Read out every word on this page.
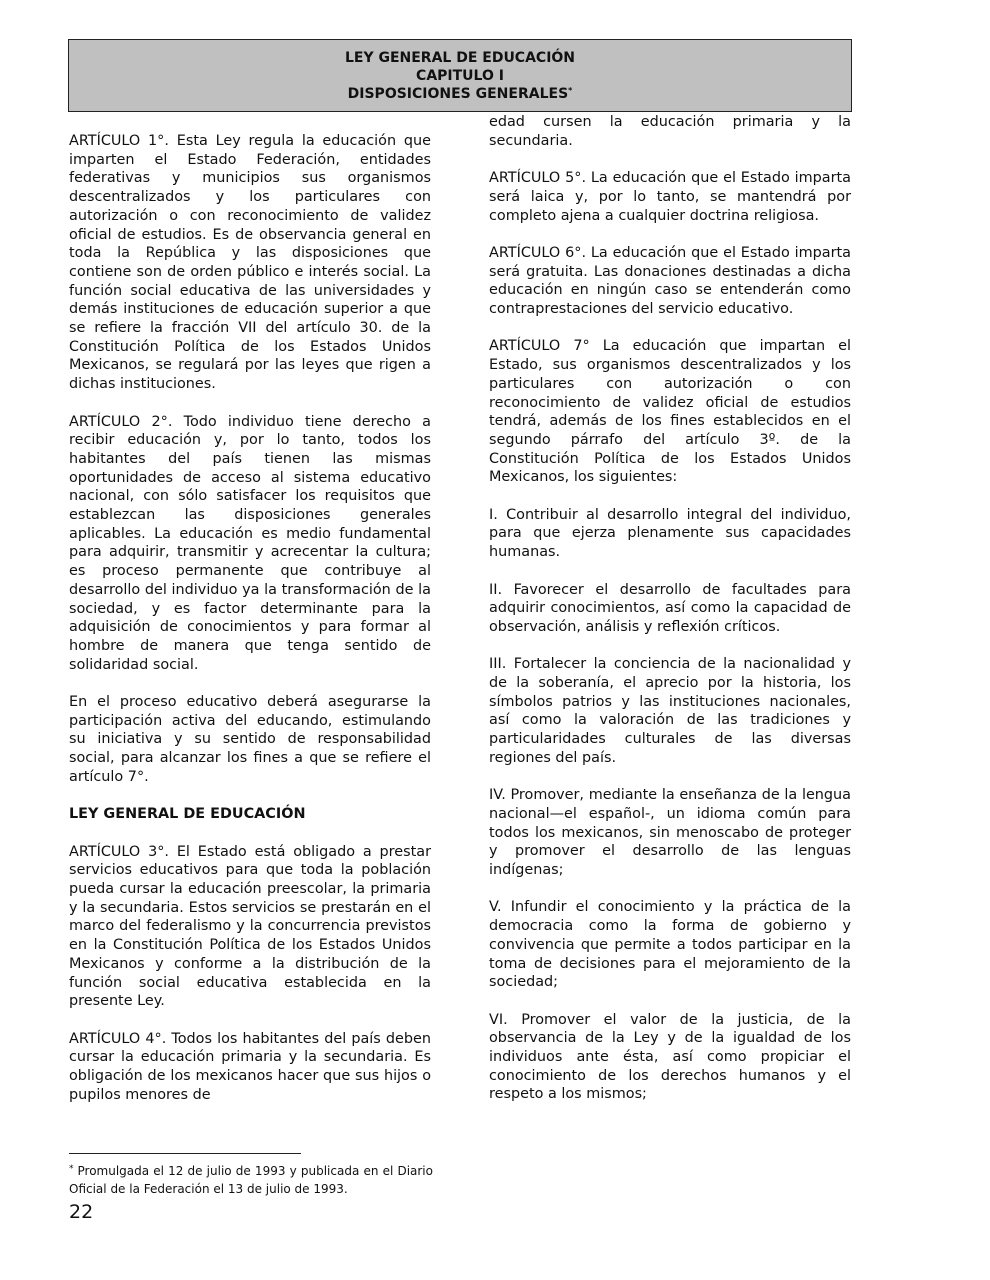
LEY GENERAL DE EDUCACIÓN
CAPITULO I
DISPOSICIONES GENERALES*

ARTÍCULO 1°. Esta Ley regula la educación que imparten el Estado Federación, entidades federativas y municipios sus organismos descentralizados y los particulares con autorización o con reconocimiento de validez oficial de estudios. Es de observancia general en toda la República y las disposiciones que contiene son de orden público e interés social. La función social educativa de las universidades y demás instituciones de educación superior a que se refiere la fracción VII del artículo 30. de la Constitución Política de los Estados Unidos Mexicanos, se regulará por las leyes que rigen a dichas instituciones.

ARTÍCULO 2°. Todo individuo tiene derecho a recibir educación y, por lo tanto, todos los habitantes del país tienen las mismas oportunidades de acceso al sistema educativo nacional, con sólo satisfacer los requisitos que establezcan las disposiciones generales aplicables. La educación es medio fundamental para adquirir, transmitir y acrecentar la cultura; es proceso permanente que contribuye al desarrollo del individuo ya la transformación de la sociedad, y es factor determinante para la adquisición de conocimientos y para formar al hombre de manera que tenga sentido de solidaridad social.

En el proceso educativo deberá asegurarse la participación activa del educando, estimulando su iniciativa y su sentido de responsabilidad social, para alcanzar los fines a que se refiere el artículo 7°.

LEY GENERAL DE EDUCACIÓN

ARTÍCULO 3°. El Estado está obligado a prestar servicios educativos para que toda la población pueda cursar la educación preescolar, la primaria y la secundaria. Estos servicios se prestarán en el marco del federalismo y la concurrencia previstos en la Constitución Política de los Estados Unidos Mexicanos y conforme a la distribución de la función social educativa establecida en la presente Ley.

ARTÍCULO 4°. Todos los habitantes del país deben cursar la educación primaria y la secundaria. Es obligación de los mexicanos hacer que sus hijos o pupilos menores de

edad cursen la educación primaria y la secundaria.

ARTÍCULO 5°. La educación que el Estado imparta será laica y, por lo tanto, se mantendrá por completo ajena a cualquier doctrina religiosa.

ARTÍCULO 6°. La educación que el Estado imparta será gratuita. Las donaciones destinadas a dicha educación en ningún caso se entenderán como contraprestaciones del servicio educativo.

ARTÍCULO 7° La educación que impartan el Estado, sus organismos descentralizados y los particulares con autorización o con reconocimiento de validez oficial de estudios tendrá, además de los fines establecidos en el segundo párrafo del artículo 3º. de la Constitución Política de los Estados Unidos Mexicanos, los siguientes:

I. Contribuir al desarrollo integral del individuo, para que ejerza plenamente sus capacidades humanas.

II. Favorecer el desarrollo de facultades para adquirir conocimientos, así como la capacidad de observación, análisis y reflexión críticos.

III. Fortalecer la conciencia de la nacionalidad y de la soberanía, el aprecio por la historia, los símbolos patrios y las instituciones nacionales, así como la valoración de las tradiciones y particularidades culturales de las diversas regiones del país.

IV. Promover, mediante la enseñanza de la lengua nacional—el español-, un idioma común para todos los mexicanos, sin menoscabo de proteger y promover el desarrollo de las lenguas indígenas;

V. Infundir el conocimiento y la práctica de la democracia como la forma de gobierno y convivencia que permite a todos participar en la toma de decisiones para el mejoramiento de la sociedad;

VI. Promover el valor de la justicia, de la observancia de la Ley y de la igualdad de los individuos ante ésta, así como propiciar el conocimiento de los derechos humanos y el respeto a los mismos;

* Promulgada el 12 de julio de 1993 y publicada en el Diario Oficial de la Federación el 13 de julio de 1993.
22
